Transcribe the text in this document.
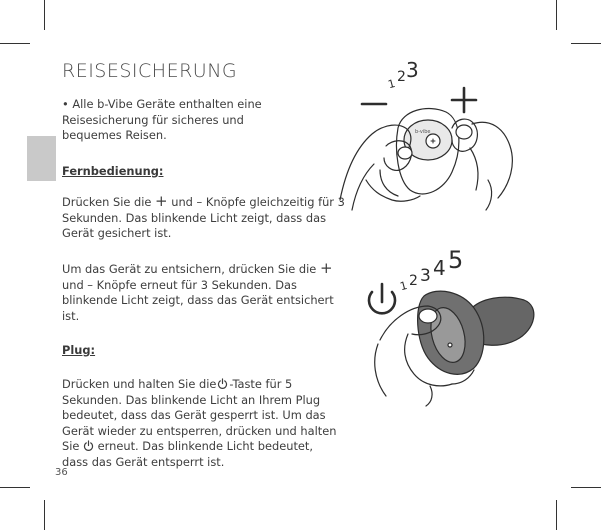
REISESICHERUNG
• Alle b-Vibe Geräte enthalten eine Reisesicherung für sicheres und bequemes Reisen.
Fernbedienung:
Drücken Sie die + und – Knöpfe gleichzeitig für 3 Sekunden. Das blinkende Licht zeigt, dass das Gerät gesichert ist.
Um das Gerät zu entsichern, drücken Sie die + und – Knöpfe erneut für 3 Sekunden. Das blinkende Licht zeigt, dass das Gerät entsichert ist.
Plug:
Drücken und halten Sie die -Taste für 5 Sekunden. Das blinkende Licht an Ihrem Plug bedeutet, dass das Gerät gesperrt ist. Um das Gerät wieder zu entsperren, drücken und halten Sie erneut. Das blinkende Licht bedeutet, dass das Gerät entsperrt ist.
36
1 2 3
b-vibe
1 2 3 4 5
